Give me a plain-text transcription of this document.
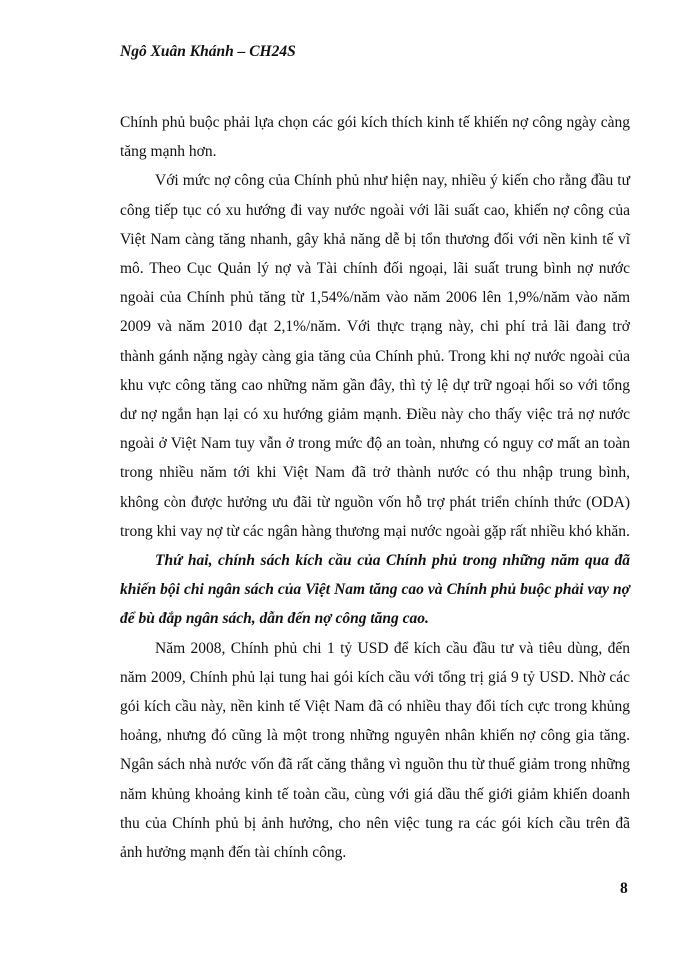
Ngô Xuân Khánh – CH24S

Chính phủ buộc phải lựa chọn các gói kích thích kinh tế khiến nợ công ngày càng tăng mạnh hơn.

Với mức nợ công của Chính phủ như hiện nay, nhiều ý kiến cho rằng đầu tư công tiếp tục có xu hướng đi vay nước ngoài với lãi suất cao, khiến nợ công của Việt Nam càng tăng nhanh, gây khả năng dễ bị tổn thương đối với nền kinh tế vĩ mô. Theo Cục Quản lý nợ và Tài chính đối ngoại, lãi suất trung bình nợ nước ngoài của Chính phủ tăng từ 1,54%/năm vào năm 2006 lên 1,9%/năm vào năm 2009 và năm 2010 đạt 2,1%/năm. Với thực trạng này, chi phí trả lãi đang trở thành gánh nặng ngày càng gia tăng của Chính phủ. Trong khi nợ nước ngoài của khu vực công tăng cao những năm gần đây, thì tỷ lệ dự trữ ngoại hối so với tổng dư nợ ngắn hạn lại có xu hướng giảm mạnh. Điều này cho thấy việc trả nợ nước ngoài ở Việt Nam tuy vẫn ở trong mức độ an toàn, nhưng có nguy cơ mất an toàn trong nhiều năm tới khi Việt Nam đã trở thành nước có thu nhập trung bình, không còn được hưởng ưu đãi từ nguồn vốn hỗ trợ phát triển chính thức (ODA) trong khi vay nợ từ các ngân hàng thương mại nước ngoài gặp rất nhiều khó khăn.

Thứ hai, chính sách kích cầu của Chính phủ trong những năm qua đã khiến bội chi ngân sách của Việt Nam tăng cao và Chính phủ buộc phải vay nợ để bù đắp ngân sách, dẫn đến nợ công tăng cao.

Năm 2008, Chính phủ chi 1 tỷ USD để kích cầu đầu tư và tiêu dùng, đến năm 2009, Chính phủ lại tung hai gói kích cầu với tổng trị giá 9 tỷ USD. Nhờ các gói kích cầu này, nền kinh tế Việt Nam đã có nhiều thay đổi tích cực trong khủng hoảng, nhưng đó cũng là một trong những nguyên nhân khiến nợ công gia tăng. Ngân sách nhà nước vốn đã rất căng thẳng vì nguồn thu từ thuế giảm trong những năm khủng khoảng kinh tế toàn cầu, cùng với giá dầu thế giới giảm khiến doanh thu của Chính phủ bị ảnh hưởng, cho nên việc tung ra các gói kích cầu trên đã ảnh hưởng mạnh đến tài chính công.

8
